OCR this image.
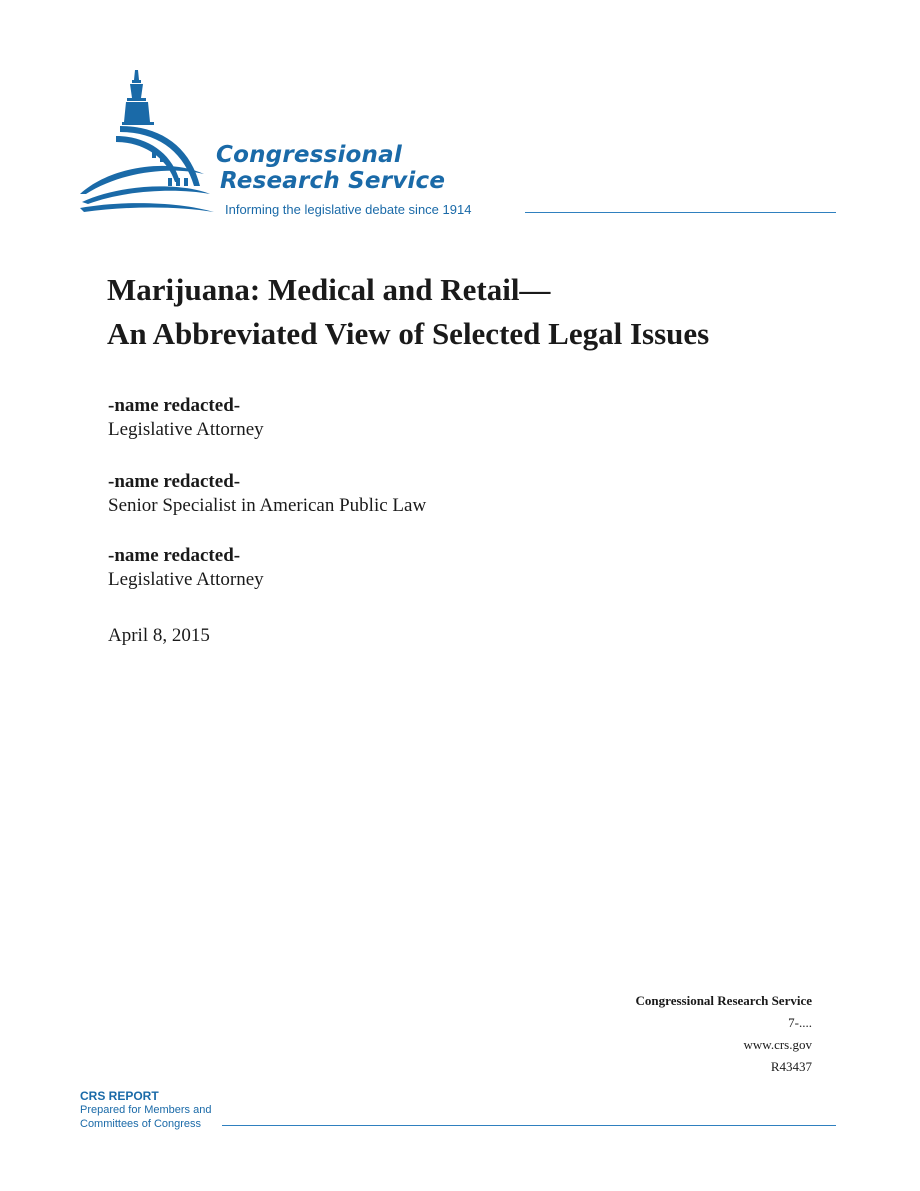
Congressional
Research Service
Informing the legislative debate since 1914
Marijuana: Medical and Retail—
An Abbreviated View of Selected Legal Issues
-name redacted-
Legislative Attorney
-name redacted-
Senior Specialist in American Public Law
-name redacted-
Legislative Attorney
April 8, 2015
Congressional Research Service
7-....
www.crs.gov
R43437
CRS REPORT
Prepared for Members and
Committees of Congress
